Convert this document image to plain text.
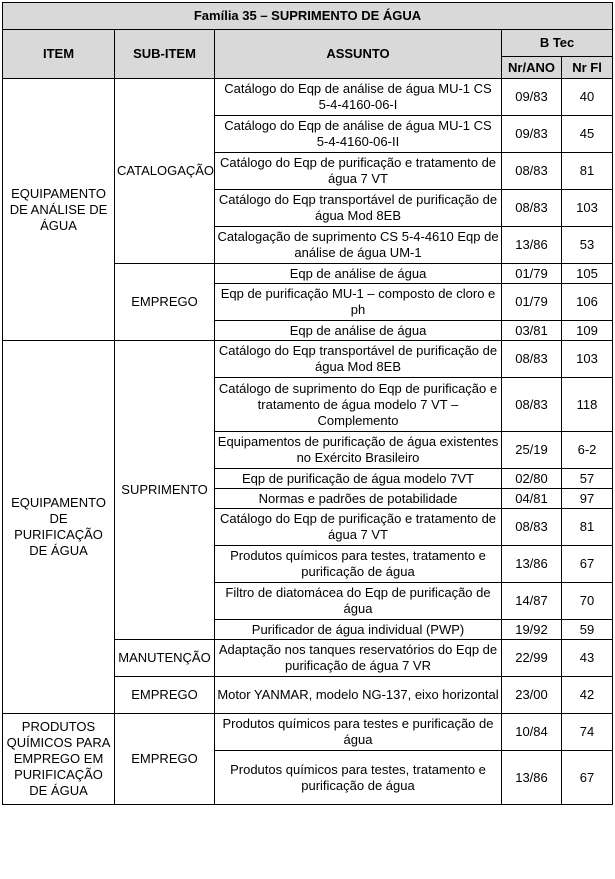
Família 35 – SUPRIMENTO DE ÁGUA				
ITEM	SUB-ITEM	ASSUNTO	B Tec	
			Nr/ANO	Nr Fl
EQUIPAMENTO DE ANÁLISE DE ÁGUA	CATALOGAÇÃO	Catálogo do Eqp de análise de água MU-1 CS 5-4-4160-06-I	09/83	40
		Catálogo do Eqp de análise de água MU-1 CS 5-4-4160-06-II	09/83	45
		Catálogo do Eqp de purificação e tratamento de água 7 VT	08/83	81
		Catálogo do Eqp transportável de purificação de água Mod 8EB	08/83	103
		Catalogação de suprimento CS 5-4-4610 Eqp de análise de água UM-1	13/86	53
	EMPREGO	Eqp de análise de água	01/79	105
		Eqp de purificação MU-1 – composto de cloro e ph	01/79	106
		Eqp de análise de água	03/81	109
EQUIPAMENTO DE PURIFICAÇÃO DE ÁGUA	SUPRIMENTO	Catálogo do Eqp transportável de purificação de água Mod 8EB	08/83	103
		Catálogo de suprimento do Eqp de purificação e tratamento de água modelo 7 VT – Complemento	08/83	118
		Equipamentos de purificação de água existentes no Exército Brasileiro	25/19	6-2
		Eqp de purificação de água modelo 7VT	02/80	57
		Normas e padrões de potabilidade	04/81	97
		Catálogo do Eqp de purificação e tratamento de água 7 VT	08/83	81
		Produtos químicos para testes, tratamento e purificação de água	13/86	67
		Filtro de diatomácea do Eqp de purificação de água	14/87	70
		Purificador de água individual (PWP)	19/92	59
	MANUTENÇÃO	Adaptação nos tanques reservatórios do Eqp de purificação de água 7 VR	22/99	43
	EMPREGO	Motor YANMAR, modelo NG-137, eixo horizontal	23/00	42
PRODUTOS QUÍMICOS PARA EMPREGO EM PURIFICAÇÃO DE ÁGUA	EMPREGO	Produtos químicos para testes e purificação de água	10/84	74
		Produtos químicos para testes, tratamento e purificação de água	13/86	67
